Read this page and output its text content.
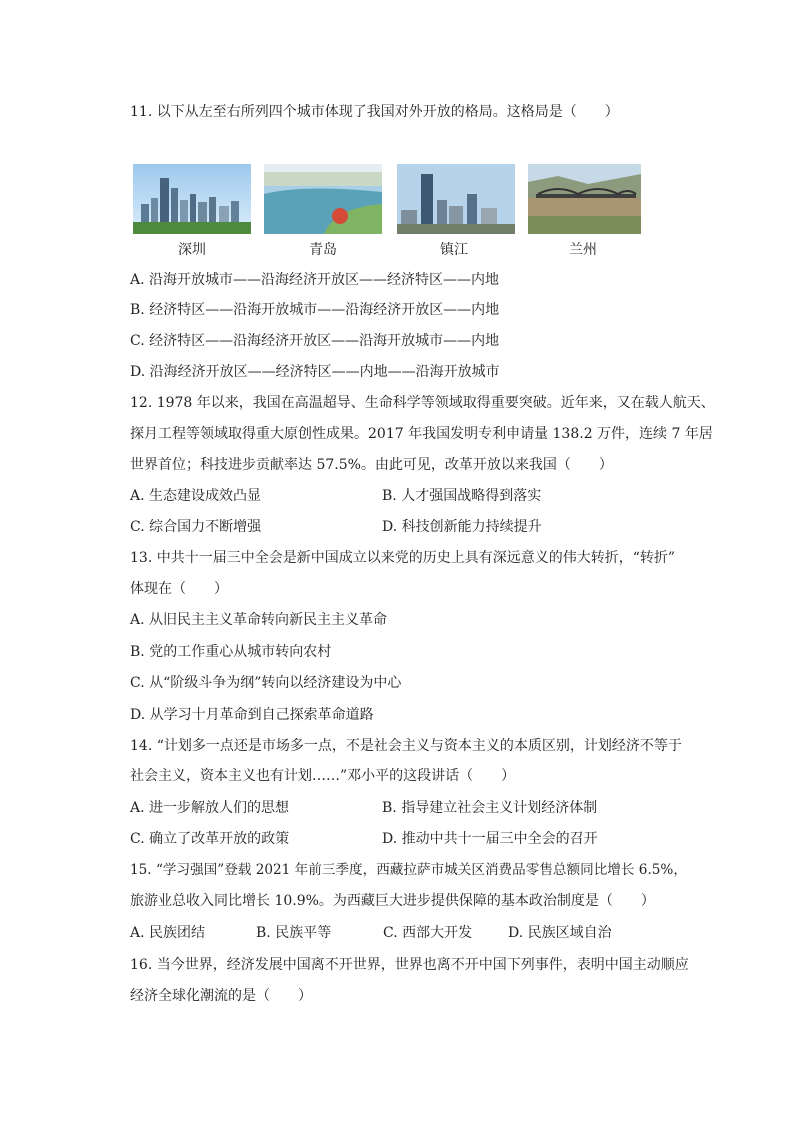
11. 以下从左至右所列四个城市体现了我国对外开放的格局。这格局是（　　）
深圳	青岛	镇江	兰州
A. 沿海开放城市——沿海经济开放区——经济特区——内地
B. 经济特区——沿海开放城市——沿海经济开放区——内地
C. 经济特区——沿海经济开放区——沿海开放城市——内地
D. 沿海经济开放区——经济特区——内地——沿海开放城市
12. 1978 年以来，我国在高温超导、生命科学等领域取得重要突破。近年来，又在载人航天、
探月工程等领域取得重大原创性成果。2017 年我国发明专利申请量 138.2 万件，连续 7 年居
世界首位；科技进步贡献率达 57.5%。由此可见，改革开放以来我国（　　）
A. 生态建设成效凸显	B. 人才强国战略得到落实
C. 综合国力不断增强	D. 科技创新能力持续提升
13. 中共十一届三中全会是新中国成立以来党的历史上具有深远意义的伟大转折，“转折”
体现在（　　）
A. 从旧民主主义革命转向新民主主义革命
B. 党的工作重心从城市转向农村
C. 从“阶级斗争为纲”转向以经济建设为中心
D. 从学习十月革命到自己探索革命道路
14. “计划多一点还是市场多一点，不是社会主义与资本主义的本质区别，计划经济不等于
社会主义，资本主义也有计划……”邓小平的这段讲话（　　）
A. 进一步解放人们的思想	B. 指导建立社会主义计划经济体制
C. 确立了改革开放的政策	D. 推动中共十一届三中全会的召开
15. “学习强国”登载 2021 年前三季度，西藏拉萨市城关区消费品零售总额同比增长 6.5%，
旅游业总收入同比增长 10.9%。为西藏巨大进步提供保障的基本政治制度是（　　）
A. 民族团结	B. 民族平等	C. 西部大开发	D. 民族区域自治
16. 当今世界，经济发展中国离不开世界，世界也离不开中国下列事件，表明中国主动顺应
经济全球化潮流的是（　　）
